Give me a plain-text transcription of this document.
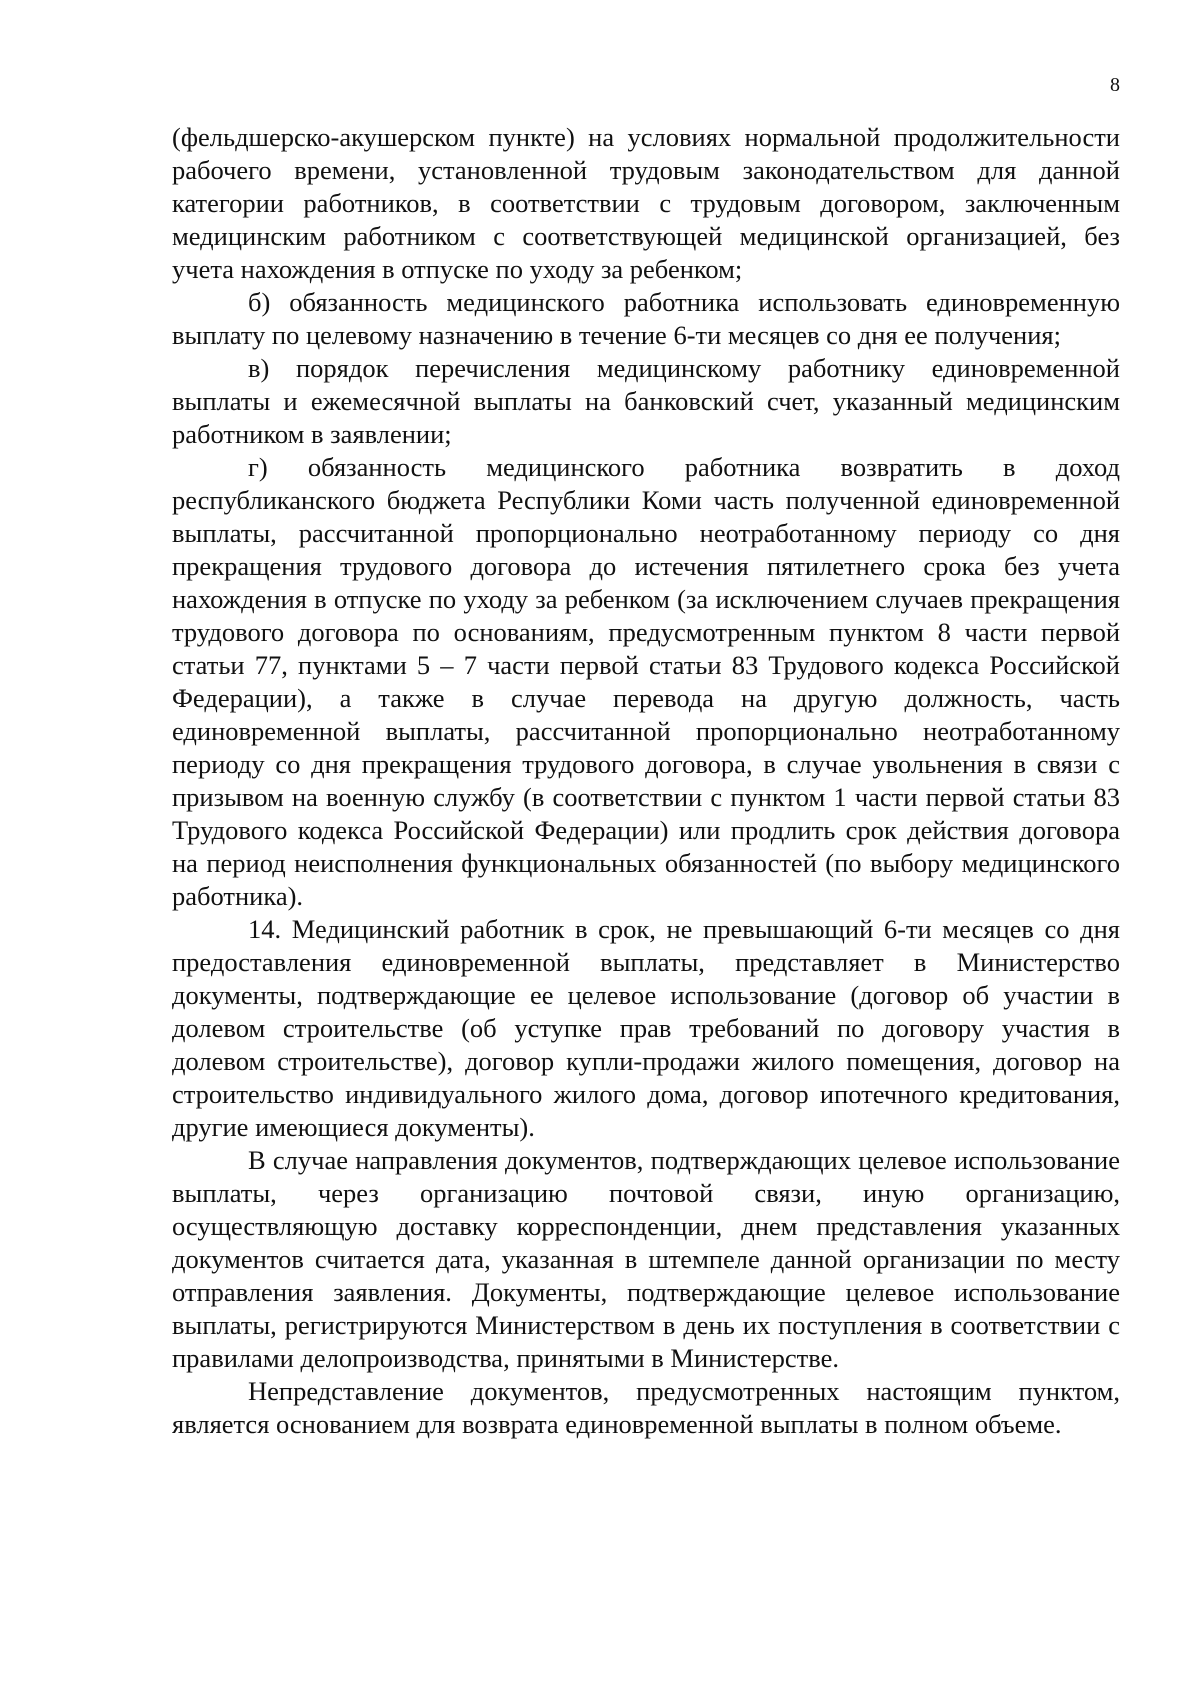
8

(фельдшерско-акушерском пункте) на условиях нормальной продолжительности рабочего времени, установленной трудовым законодательством для данной категории работников, в соответствии с трудовым договором, заключенным медицинским работником с соответствующей медицинской организацией, без учета нахождения в отпуске по уходу за ребенком;

б) обязанность медицинского работника использовать единовременную выплату по целевому назначению в течение 6-ти месяцев со дня ее получения;

в) порядок перечисления медицинскому работнику единовременной выплаты и ежемесячной выплаты на банковский счет, указанный медицинским работником в заявлении;

г) обязанность медицинского работника возвратить в доход республиканского бюджета Республики Коми часть полученной единовременной выплаты, рассчитанной пропорционально неотработанному периоду со дня прекращения трудового договора до истечения пятилетнего срока без учета нахождения в отпуске по уходу за ребенком (за исключением случаев прекращения трудового договора по основаниям, предусмотренным пунктом 8 части первой статьи 77, пунктами 5 – 7 части первой статьи 83 Трудового кодекса Российской Федерации), а также в случае перевода на другую должность, часть единовременной выплаты, рассчитанной пропорционально неотработанному периоду со дня прекращения трудового договора, в случае увольнения в связи с призывом на военную службу (в соответствии с пунктом 1 части первой статьи 83 Трудового кодекса Российской Федерации) или продлить срок действия договора на период неисполнения функциональных обязанностей (по выбору медицинского работника).

14. Медицинский работник в срок, не превышающий 6-ти месяцев со дня предоставления единовременной выплаты, представляет в Министерство документы, подтверждающие ее целевое использование (договор об участии в долевом строительстве (об уступке прав требований по договору участия в долевом строительстве), договор купли-продажи жилого помещения, договор на строительство индивидуального жилого дома, договор ипотечного кредитования, другие имеющиеся документы).

В случае направления документов, подтверждающих целевое использование выплаты, через организацию почтовой связи, иную организацию, осуществляющую доставку корреспонденции, днем представления указанных документов считается дата, указанная в штемпеле данной организации по месту отправления заявления. Документы, подтверждающие целевое использование выплаты, регистрируются Министерством в день их поступления в соответствии с правилами делопроизводства, принятыми в Министерстве.

Непредставление документов, предусмотренных настоящим пунктом, является основанием для возврата единовременной выплаты в полном объеме.
